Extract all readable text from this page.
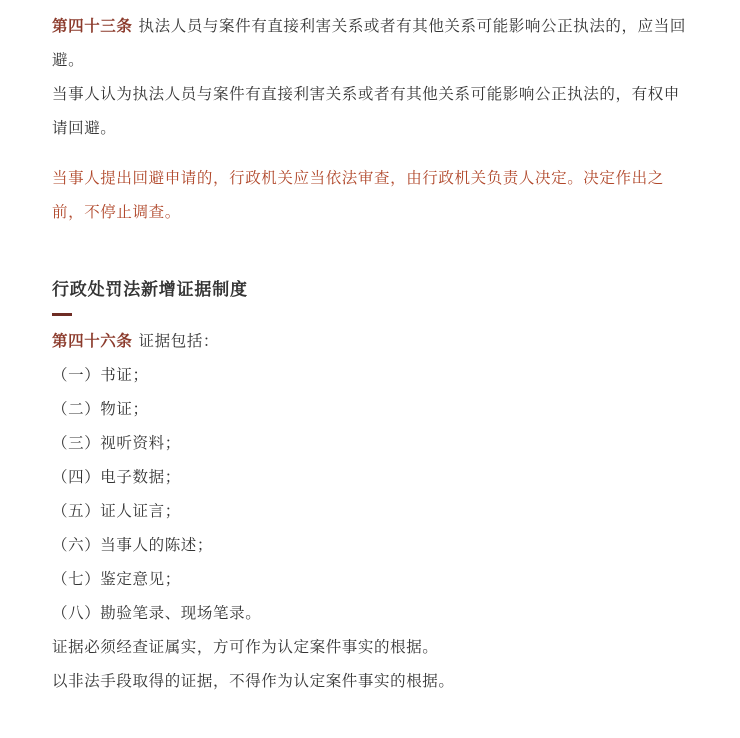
第四十三条 执法人员与案件有直接利害关系或者有其他关系可能影响公正执法的，应当回
避。

当事人认为执法人员与案件有直接利害关系或者有其他关系可能影响公正执法的，有权申
请回避。

当事人提出回避申请的，行政机关应当依法审查，由行政机关负责人决定。决定作出之
前，不停止调查。

行政处罚法新增证据制度

第四十六条 证据包括：

（一）书证；

（二）物证；

（三）视听资料；

（四）电子数据；

（五）证人证言；

（六）当事人的陈述；

（七）鉴定意见；

（八）勘验笔录、现场笔录。

证据必须经查证属实，方可作为认定案件事实的根据。

以非法手段取得的证据，不得作为认定案件事实的根据。
